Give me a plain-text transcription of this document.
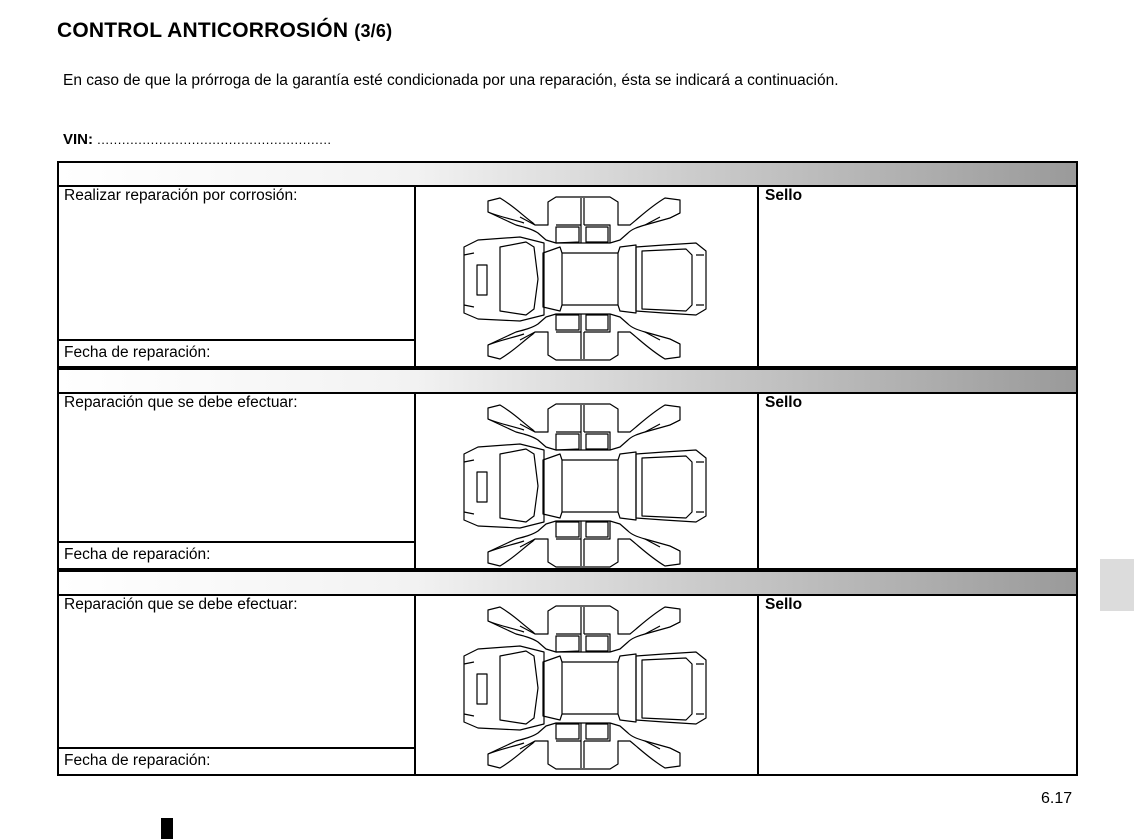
CONTROL ANTICORROSIÓN (3/6)
En caso de que la prórroga de la garantía esté condicionada por una reparación, ésta se indicará a continuación.
VIN: .........................................................
Realizar reparación por corrosión:
Fecha de reparación:
Sello
Reparación que se debe efectuar:
Fecha de reparación:
Sello
Reparación que se debe efectuar:
Fecha de reparación:
Sello
6.17
